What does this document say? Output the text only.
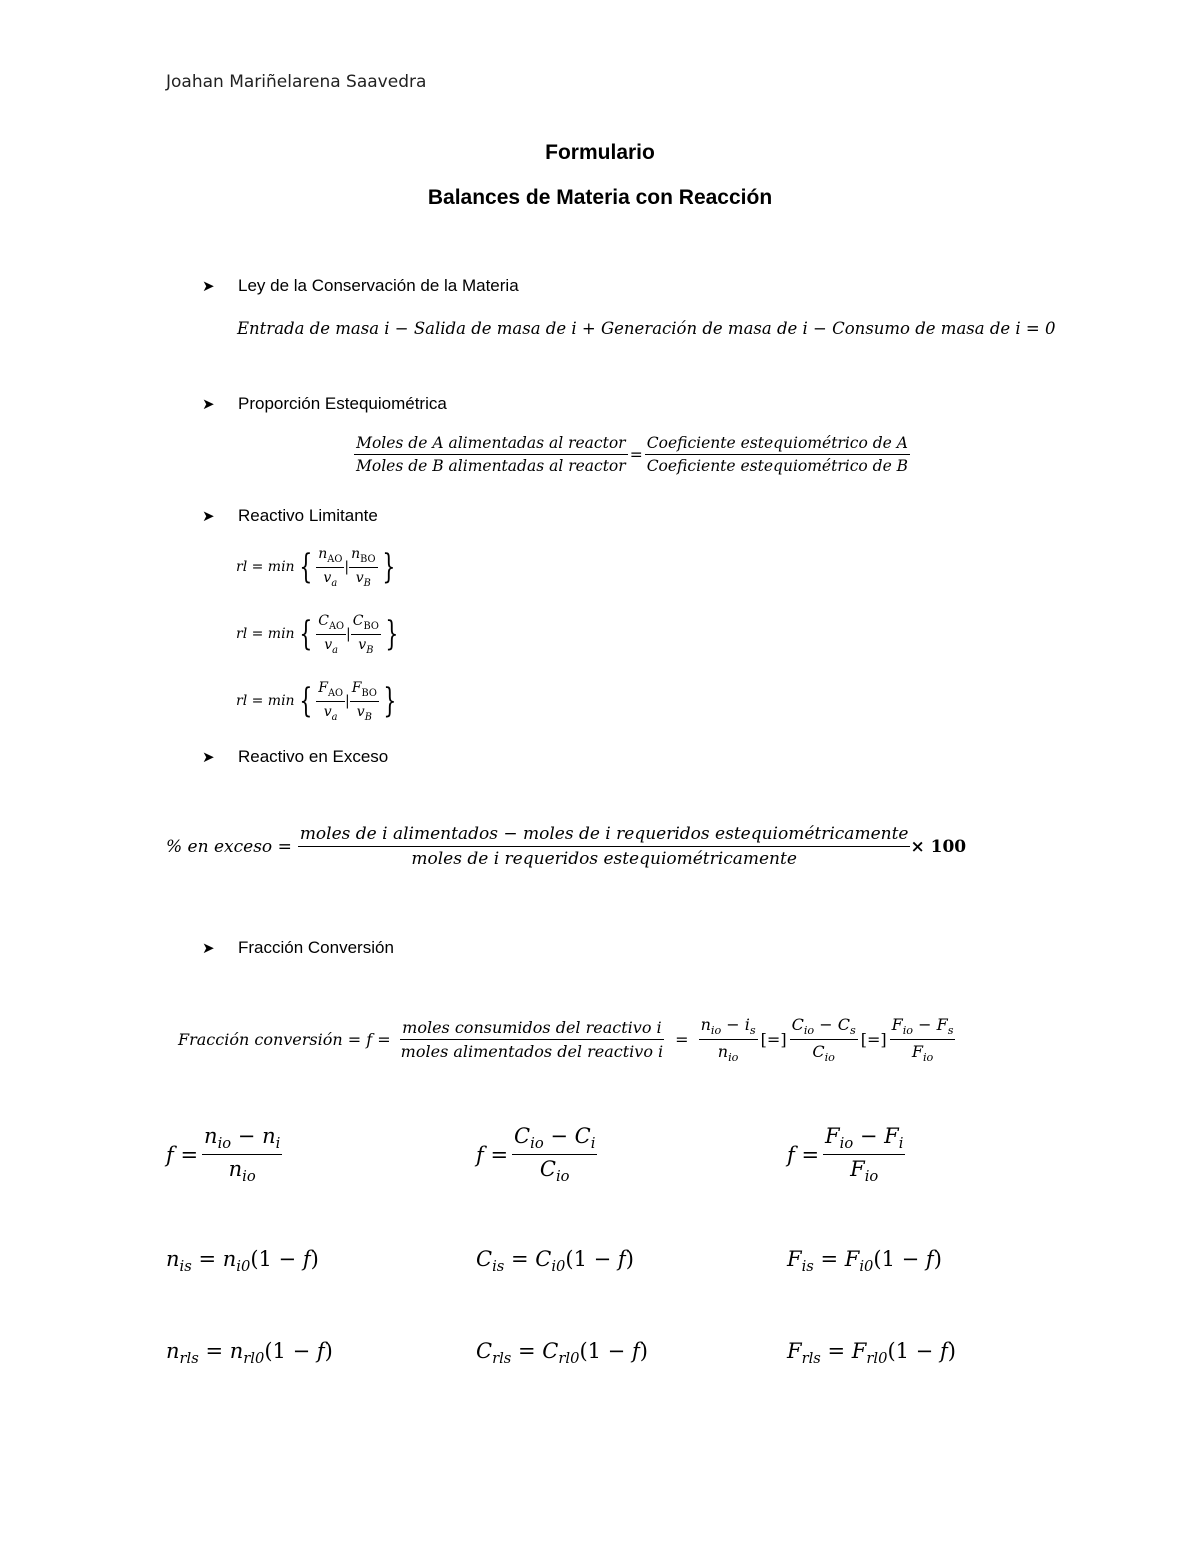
Joahan Mariñelarena Saavedra
Formulario
Balances de Materia con Reacción
➤	Ley de la Conservación de la Materia
Entrada de masa i − Salida de masa de i + Generación de masa de i − Consumo de masa de i = 0
➤	Proporción Estequiométrica
$\frac{\text{Moles de A alimentadas al reactor}}{\text{Moles de B alimentadas al reactor}} = \frac{\text{Coeficiente estequiométrico de A}}{\text{Coeficiente estequiométrico de B}}$
➤	Reactivo Limitante
rl = min { $\frac{n_{AO}}{v_a}$ | $\frac{n_{BO}}{v_B}$ }
rl = min { $\frac{C_{AO}}{v_a}$ | $\frac{C_{BO}}{v_B}$ }
rl = min { $\frac{F_{AO}}{v_a}$ | $\frac{F_{BO}}{v_B}$ }
➤	Reactivo en Exceso
% en exceso =
moles de i alimentados − moles de i requeridos estequiométricamente
moles de i requeridos estequiométricamente
× 100
➤	Fracción Conversión
Fracción conversión = $f = \frac{\text{moles consumidos del reactivo i}}{\text{moles alimentados del reactivo i}} = \frac{n_{io} - i_s}{n_{io}}$ [=] $\frac{C_{io} - C_s}{C_{io}}$ [=] $\frac{F_{io} - F_s}{F_{io}}$
$f = \frac{n_{io} - n_i}{n_{io}}$	$f = \frac{C_{io} - C_i}{C_{io}}$	$f = \frac{F_{io} - F_i}{F_{io}}$
$n_{is} = n_{i0}(1 - f)$	$C_{is} = C_{i0}(1 - f)$	$F_{is} = F_{i0}(1 - f)$
$n_{rls} = n_{rl0}(1 - f)$	$C_{rls} = C_{rl0}(1 - f)$	$F_{rls} = F_{rl0}(1 - f)$
